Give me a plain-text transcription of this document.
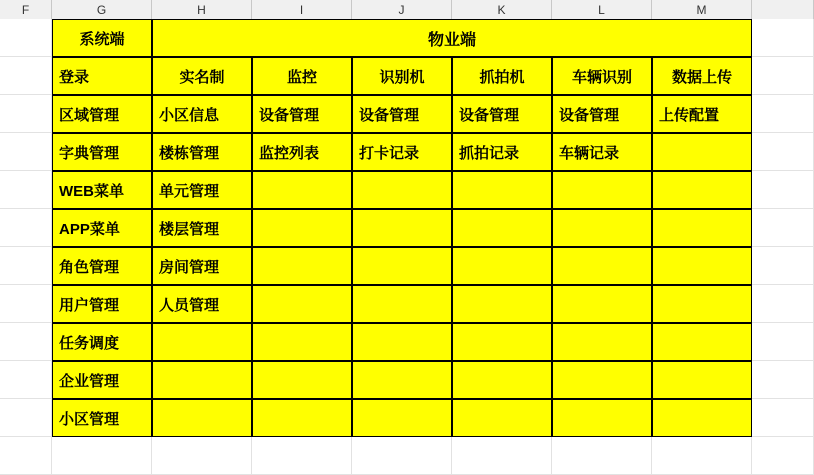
F	G	H	I	J	K	L	M
系统端	物业端
登录	实名制	监控	识别机	抓拍机	车辆识别	数据上传
区域管理	小区信息	设备管理	设备管理	设备管理	设备管理	上传配置
字典管理	楼栋管理	监控列表	打卡记录	抓拍记录	车辆记录
WEB菜单	单元管理
APP菜单	楼层管理
角色管理	房间管理
用户管理	人员管理
任务调度
企业管理
小区管理
